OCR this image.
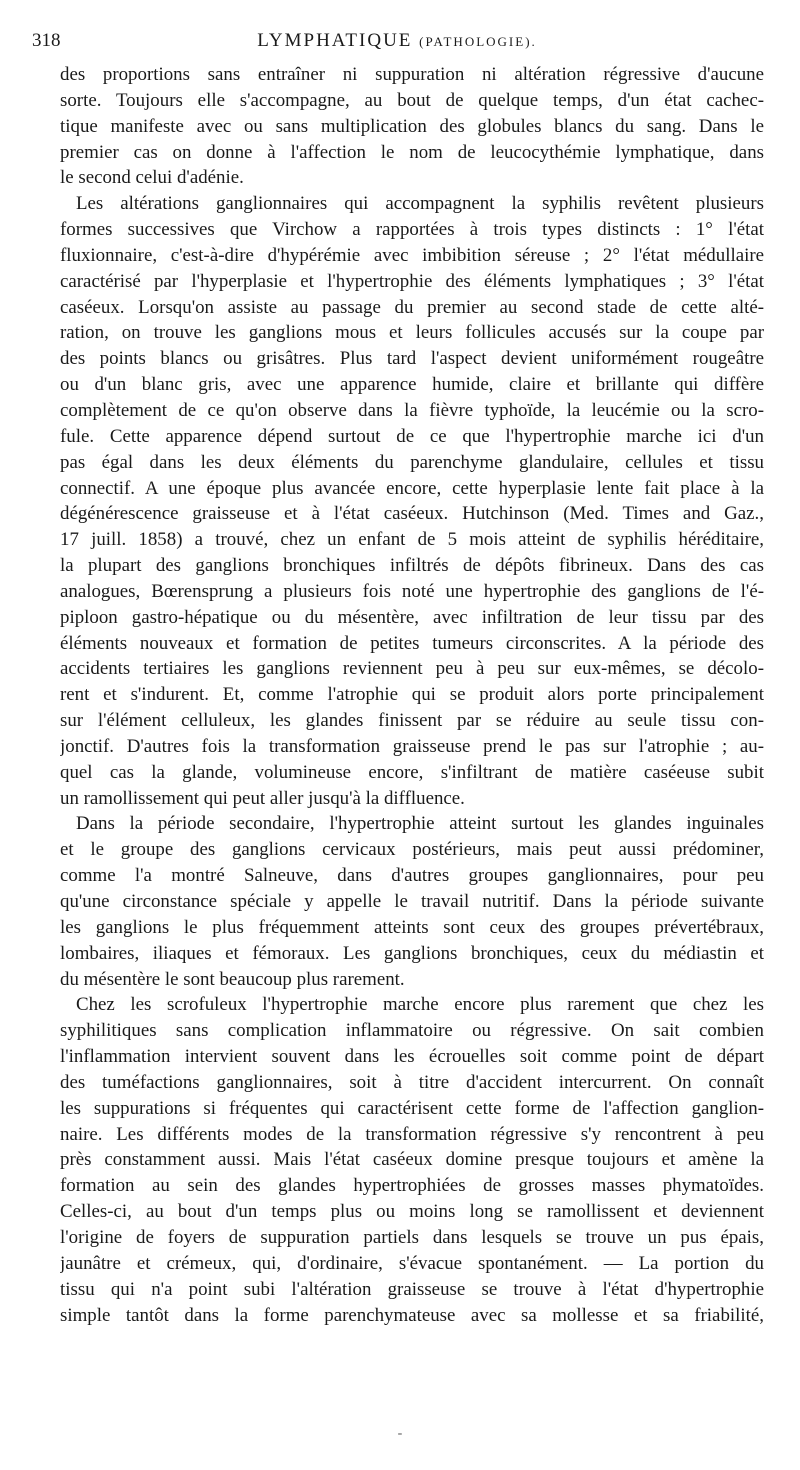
318	LYMPHATIQUE (PATHOLOGIE).
des proportions sans entraîner ni suppuration ni altération régressive d'aucune
sorte. Toujours elle s'accompagne, au bout de quelque temps, d'un état cachec-
tique manifeste avec ou sans multiplication des globules blancs du sang. Dans le
premier cas on donne à l'affection le nom de leucocythémie lymphatique, dans
le second celui d'adénie.
Les altérations ganglionnaires qui accompagnent la syphilis revêtent plusieurs
formes successives que Virchow a rapportées à trois types distincts : 1° l'état
fluxionnaire, c'est-à-dire d'hypérémie avec imbibition séreuse ; 2° l'état médullaire
caractérisé par l'hyperplasie et l'hypertrophie des éléments lymphatiques ; 3° l'état
caséeux. Lorsqu'on assiste au passage du premier au second stade de cette alté-
ration, on trouve les ganglions mous et leurs follicules accusés sur la coupe par
des points blancs ou grisâtres. Plus tard l'aspect devient uniformément rougeâtre
ou d'un blanc gris, avec une apparence humide, claire et brillante qui diffère
complètement de ce qu'on observe dans la fièvre typhoïde, la leucémie ou la scro-
fule. Cette apparence dépend surtout de ce que l'hypertrophie marche ici d'un
pas égal dans les deux éléments du parenchyme glandulaire, cellules et tissu
connectif. A une époque plus avancée encore, cette hyperplasie lente fait place à la
dégénérescence graisseuse et à l'état caséeux. Hutchinson (Med. Times and Gaz.,
17 juill. 1858) a trouvé, chez un enfant de 5 mois atteint de syphilis héréditaire,
la plupart des ganglions bronchiques infiltrés de dépôts fibrineux. Dans des cas
analogues, Bœrensprung a plusieurs fois noté une hypertrophie des ganglions de l'é-
piploon gastro-hépatique ou du mésentère, avec infiltration de leur tissu par des
éléments nouveaux et formation de petites tumeurs circonscrites. A la période des
accidents tertiaires les ganglions reviennent peu à peu sur eux-mêmes, se décolo-
rent et s'indurent. Et, comme l'atrophie qui se produit alors porte principalement
sur l'élément celluleux, les glandes finissent par se réduire au seule tissu con-
jonctif. D'autres fois la transformation graisseuse prend le pas sur l'atrophie ; au-
quel cas la glande, volumineuse encore, s'infiltrant de matière caséeuse subit
un ramollissement qui peut aller jusqu'à la diffluence.
Dans la période secondaire, l'hypertrophie atteint surtout les glandes inguinales
et le groupe des ganglions cervicaux postérieurs, mais peut aussi prédominer,
comme l'a montré Salneuve, dans d'autres groupes ganglionnaires, pour peu
qu'une circonstance spéciale y appelle le travail nutritif. Dans la période suivante
les ganglions le plus fréquemment atteints sont ceux des groupes prévertébraux,
lombaires, iliaques et fémoraux. Les ganglions bronchiques, ceux du médiastin et
du mésentère le sont beaucoup plus rarement.
Chez les scrofuleux l'hypertrophie marche encore plus rarement que chez les
syphilitiques sans complication inflammatoire ou régressive. On sait combien
l'inflammation intervient souvent dans les écrouelles soit comme point de départ
des tuméfactions ganglionnaires, soit à titre d'accident intercurrent. On connaît
les suppurations si fréquentes qui caractérisent cette forme de l'affection ganglion-
naire. Les différents modes de la transformation régressive s'y rencontrent à peu
près constamment aussi. Mais l'état caséeux domine presque toujours et amène la
formation au sein des glandes hypertrophiées de grosses masses phymatoïdes.
Celles-ci, au bout d'un temps plus ou moins long se ramollissent et deviennent
l'origine de foyers de suppuration partiels dans lesquels se trouve un pus épais,
jaunâtre et crémeux, qui, d'ordinaire, s'évacue spontanément. — La portion du
tissu qui n'a point subi l'altération graisseuse se trouve à l'état d'hypertrophie
simple tantôt dans la forme parenchymateuse avec sa mollesse et sa friabilité,
-
